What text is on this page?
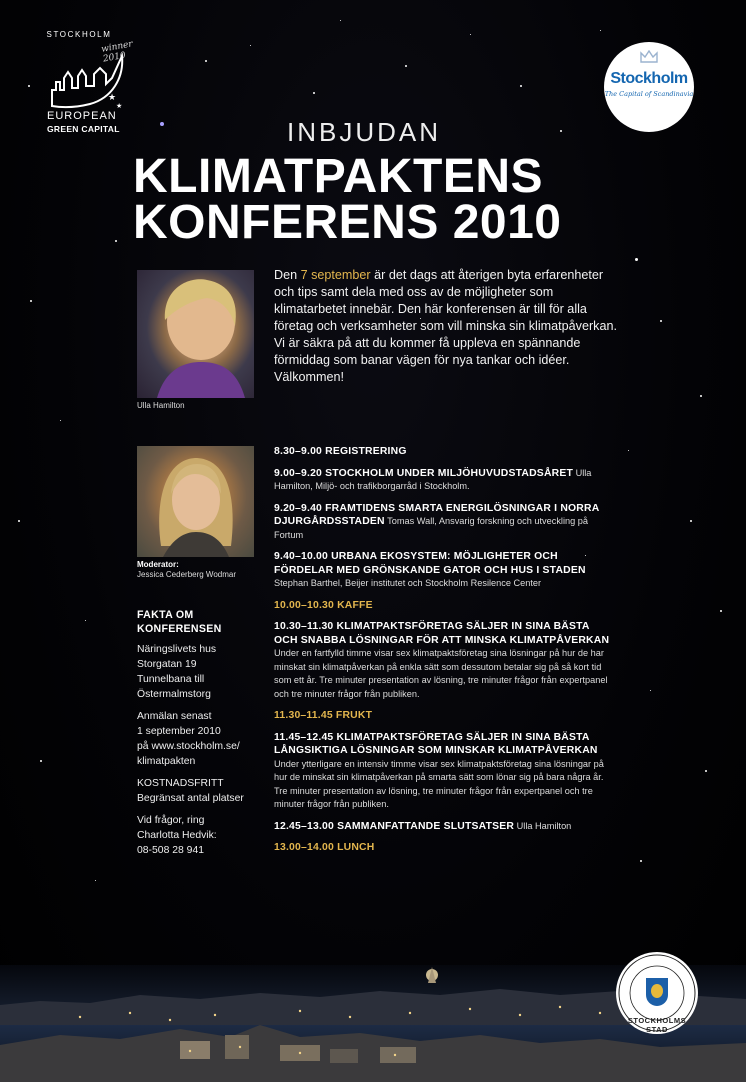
STOCKHOLM
winner 2010
★
★
EUROPEAN
GREEN CAPITAL
Stockholm
The Capital of Scandinavia
INBJUDAN
KLIMATPAKTENS
KONFERENS 2010
Ulla Hamilton
Moderator:
Jessica Cederberg Wodmar
Den 7 september är det dags att återigen byta erfarenheter och tips samt dela med oss av de möjligheter som klimatarbetet innebär. Den här konferensen är till för alla företag och verksamheter som vill minska sin klimatpåverkan. Vi är säkra på att du kommer få uppleva en spännande förmiddag som banar vägen för nya tankar och idéer. Välkommen!
FAKTA OM KONFERENSEN

Näringslivets hus
Storgatan 19
Tunnelbana till
Östermalmstorg

Anmälan senast
1 september 2010
på www.stockholm.se/
klimatpakten

KOSTNADSFRITT
Begränsat antal platser

Vid frågor, ring
Charlotta Hedvik:
08-508 28 941

8.30–9.00 REGISTRERING
9.00–9.20 STOCKHOLM UNDER MILJÖHUVUDSTADSÅRET Ulla Hamilton, Miljö- och trafikborgarråd i Stockholm.
9.20–9.40 FRAMTIDENS SMARTA ENERGILÖSNINGAR I NORRA DJURGÅRDSSTADEN Tomas Wall, Ansvarig forskning och utveckling på Fortum
9.40–10.00 URBANA EKOSYSTEM: MÖJLIGHETER OCH FÖRDELAR MED GRÖNSKANDE GATOR OCH HUS I STADEN Stephan Barthel, Beijer institutet och Stockholm Resilence Center
10.00–10.30 KAFFE
10.30–11.30 KLIMATPAKTSFÖRETAG SÄLJER IN SINA BÄSTA OCH SNABBA LÖSNINGAR FÖR ATT MINSKA KLIMATPÅVERKAN Under en fartfylld timme visar sex klimatpaktsföretag sina lösningar på hur de har minskat sin klimatpåverkan på enkla sätt som dessutom betalar sig på så kort tid som ett år. Tre minuter presentation av lösning, tre minuter frågor från expertpanel och tre minuter frågor från publiken.
11.30–11.45 FRUKT
11.45–12.45 KLIMATPAKTSFÖRETAG SÄLJER IN SINA BÄSTA LÅNGSIKTIGA LÖSNINGAR SOM MINSKAR KLIMATPÅVERKAN Under ytterligare en intensiv timme visar sex klimatpaktsföretag sina lösningar på hur de minskat sin klimatpåverkan på smarta sätt som lönar sig på bara några år. Tre minuter presentation av lösning, tre minuter frågor från expertpanel och tre minuter frågor från publiken.
12.45–13.00 SAMMANFATTANDE SLUTSATSER Ulla Hamilton
13.00–14.00 LUNCH
STOCKHOLMS STAD
